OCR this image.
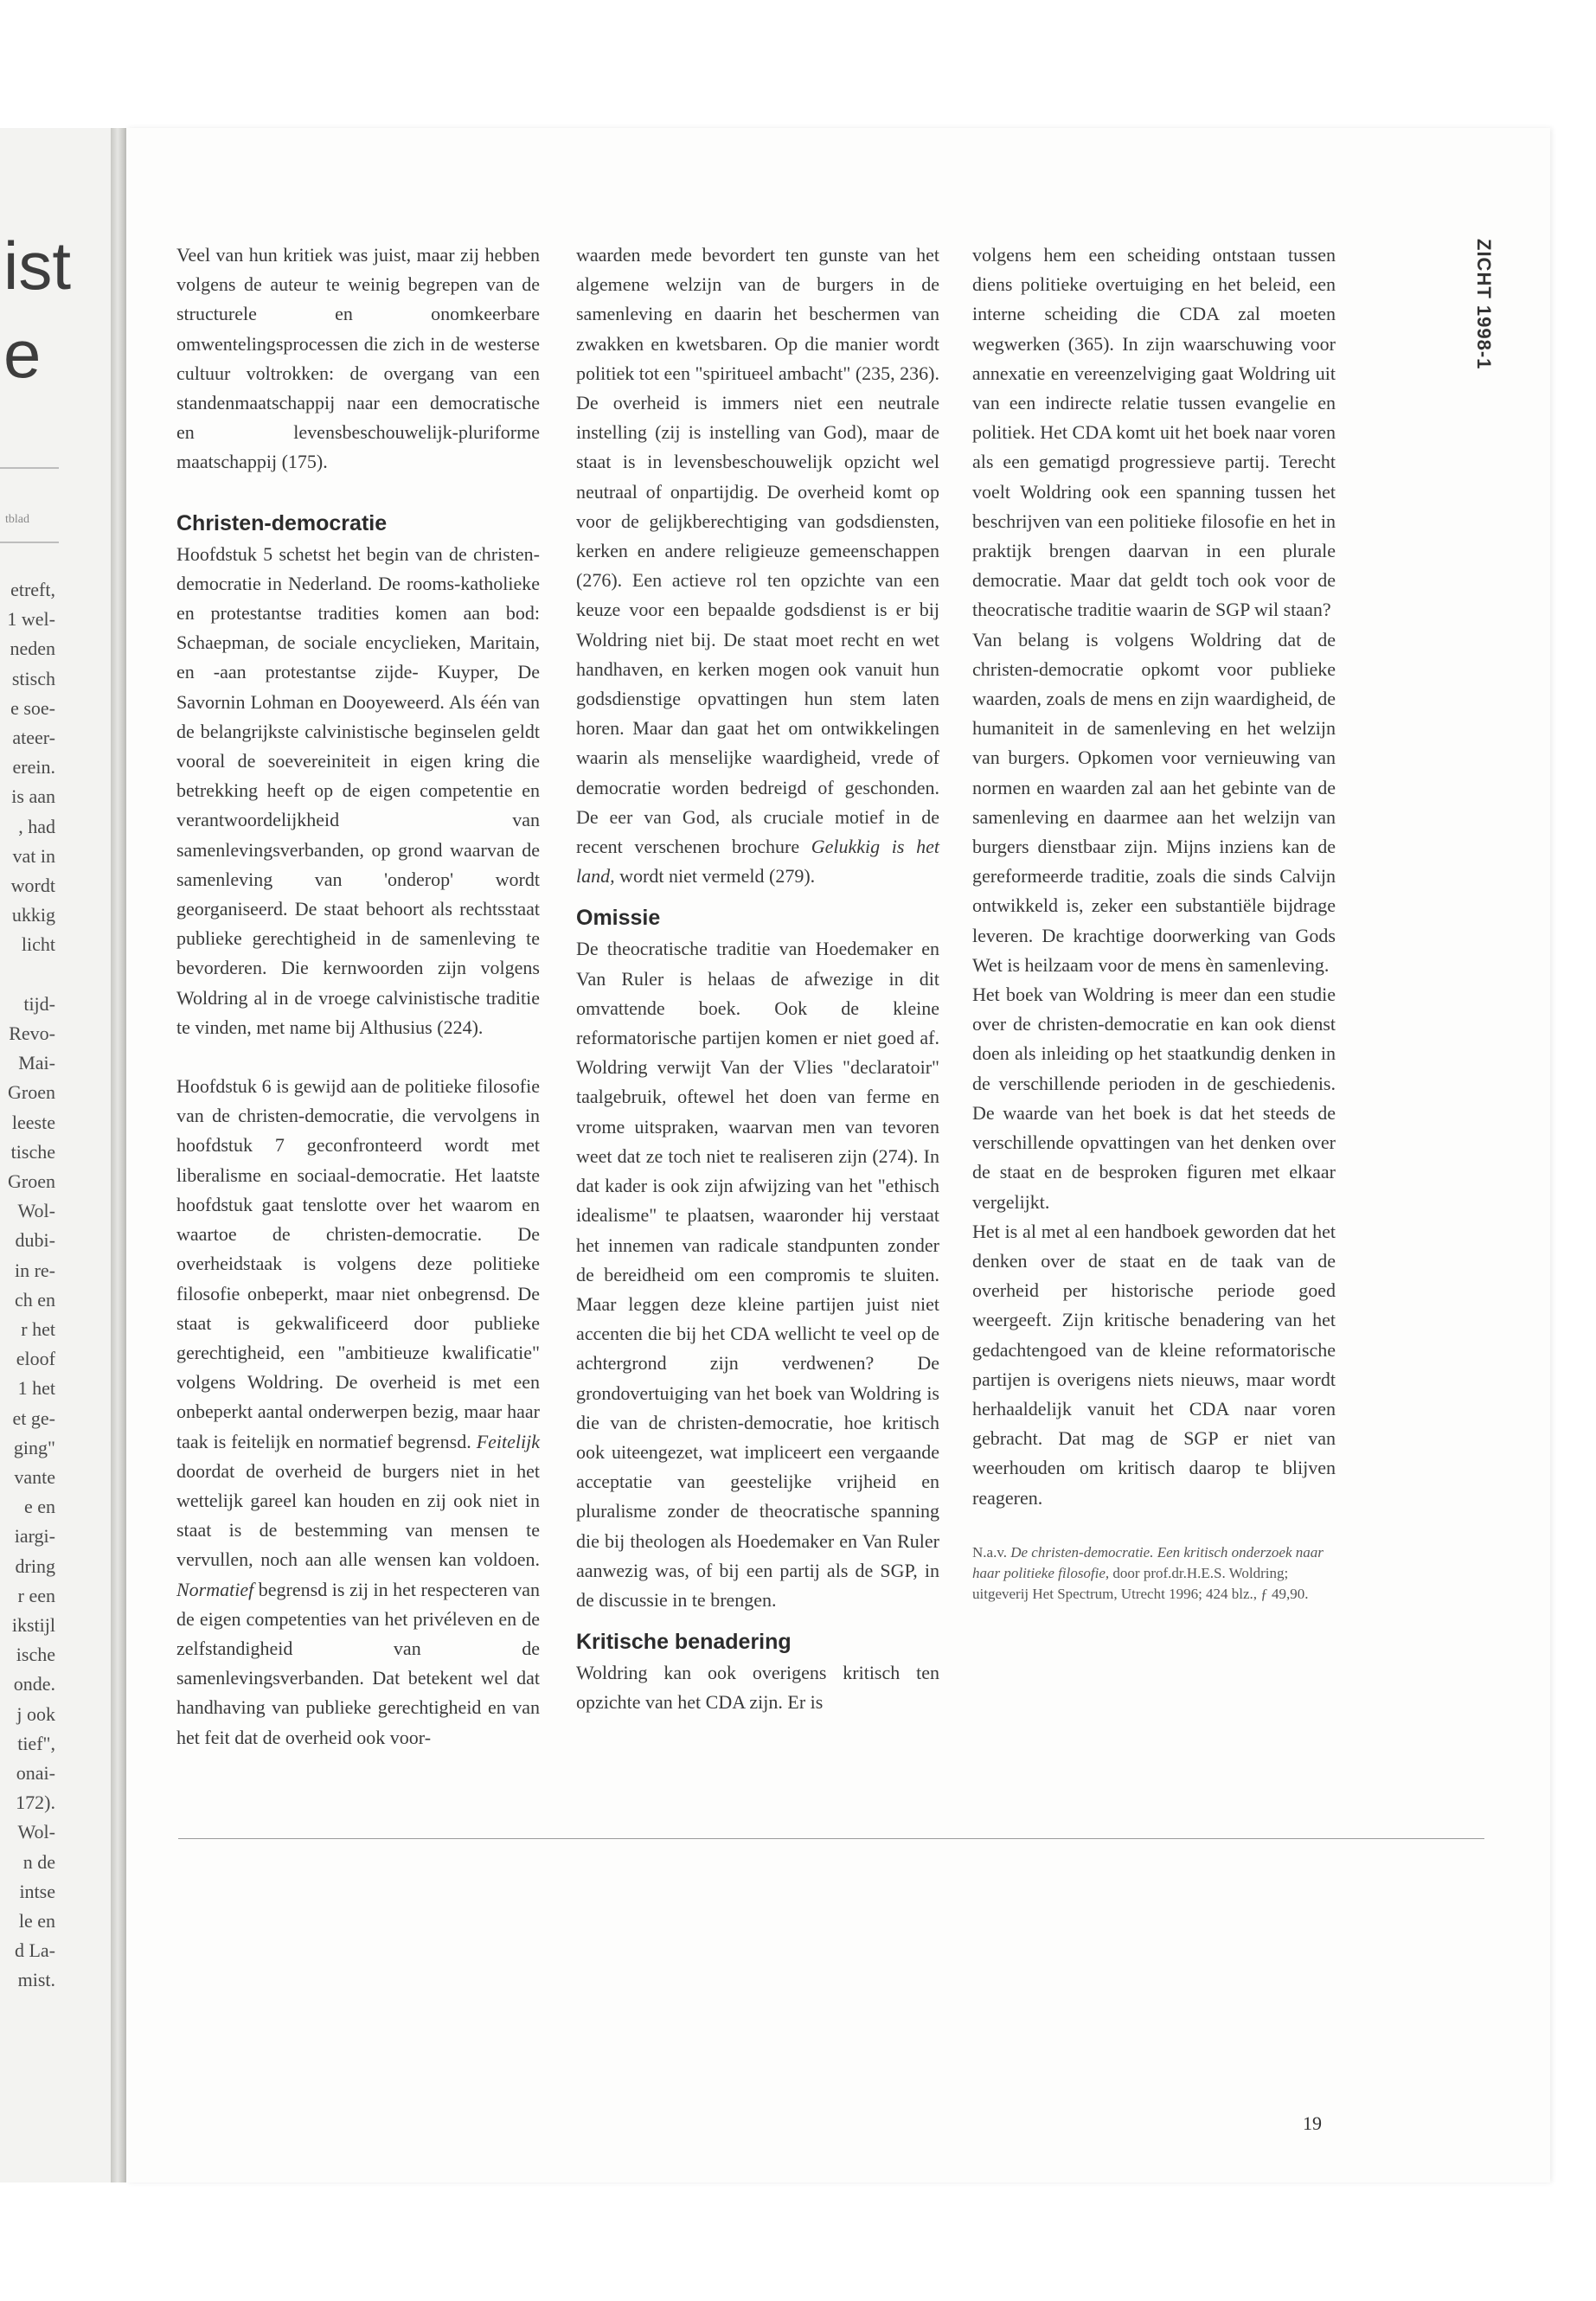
ist
e
tblad
etreft,
1 wel-
neden
stisch
e soe-
ateer-
erein.
is aan
, had
vat in
wordt
ukkig
licht
tijd-
Revo-
Mai-
Groen
leeste
tische
Groen
Wol-
dubi-
in re-
ch en
r het
eloof
1 het
et ge-
ging"
vante
e en
iargi-
dring
r een
ikstijl
ische
onde.
j ook
tief",
onai-
172).
Wol-
n de
intse
le en
d La-
mist.
ZICHT 1998-1

Veel van hun kritiek was juist, maar zij hebben volgens de auteur te weinig begrepen van de structurele en onomkeerbare omwentelingsprocessen die zich in de westerse cultuur voltrokken: de overgang van een standenmaatschappij naar een democratische en levensbeschouwelijk-pluriforme maatschappij (175).

Christen-democratie

Hoofdstuk 5 schetst het begin van de christen-democratie in Nederland. De rooms-katholieke en protestantse tradities komen aan bod: Schaepman, de sociale encyclieken, Maritain, en -aan protestantse zijde- Kuyper, De Savornin Lohman en Dooyeweerd. Als één van de belangrijkste calvinistische beginselen geldt vooral de soevereiniteit in eigen kring die betrekking heeft op de eigen competentie en verantwoordelijkheid van samenlevingsverbanden, op grond waarvan de samenleving van 'onderop' wordt georganiseerd. De staat behoort als rechtsstaat publieke gerechtigheid in de samenleving te bevorderen. Die kernwoorden zijn volgens Woldring al in de vroege calvinistische traditie te vinden, met name bij Althusius (224).

Hoofdstuk 6 is gewijd aan de politieke filosofie van de christen-democratie, die vervolgens in hoofdstuk 7 geconfronteerd wordt met liberalisme en sociaal-democratie. Het laatste hoofdstuk gaat tenslotte over het waarom en waartoe de christen-democratie. De overheidstaak is volgens deze politieke filosofie onbeperkt, maar niet onbegrensd. De staat is gekwalificeerd door publieke gerechtigheid, een "ambitieuze kwalificatie" volgens Woldring. De overheid is met een onbeperkt aantal onderwerpen bezig, maar haar taak is feitelijk en normatief begrensd. Feitelijk doordat de overheid de burgers niet in het wettelijk gareel kan houden en zij ook niet in staat is de bestemming van mensen te vervullen, noch aan alle wensen kan voldoen. Normatief begrensd is zij in het respecteren van de eigen competenties van het privéleven en de zelfstandigheid van de samenlevingsverbanden. Dat betekent wel dat handhaving van publieke gerechtigheid en van het feit dat de overheid ook voor-

waarden mede bevordert ten gunste van het algemene welzijn van de burgers in de samenleving en daarin het beschermen van zwakken en kwetsbaren. Op die manier wordt politiek tot een "spiritueel ambacht" (235, 236). De overheid is immers niet een neutrale instelling (zij is instelling van God), maar de staat is in levensbeschouwelijk opzicht wel neutraal of onpartijdig. De overheid komt op voor de gelijkberechtiging van godsdiensten, kerken en andere religieuze gemeenschappen (276). Een actieve rol ten opzichte van een keuze voor een bepaalde godsdienst is er bij Woldring niet bij. De staat moet recht en wet handhaven, en kerken mogen ook vanuit hun godsdienstige opvattingen hun stem laten horen. Maar dan gaat het om ontwikkelingen waarin als menselijke waardigheid, vrede of democratie worden bedreigd of geschonden. De eer van God, als cruciale motief in de recent verschenen brochure Gelukkig is het land, wordt niet vermeld (279).

Omissie

De theocratische traditie van Hoedemaker en Van Ruler is helaas de afwezige in dit omvattende boek. Ook de kleine reformatorische partijen komen er niet goed af. Woldring verwijt Van der Vlies "declaratoir" taalgebruik, oftewel het doen van ferme en vrome uitspraken, waarvan men van tevoren weet dat ze toch niet te realiseren zijn (274). In dat kader is ook zijn afwijzing van het "ethisch idealisme" te plaatsen, waaronder hij verstaat het innemen van radicale standpunten zonder de bereidheid om een compromis te sluiten. Maar leggen deze kleine partijen juist niet accenten die bij het CDA wellicht te veel op de achtergrond zijn verdwenen? De grondovertuiging van het boek van Woldring is die van de christen-democratie, hoe kritisch ook uiteengezet, wat impliceert een vergaande acceptatie van geestelijke vrijheid en pluralisme zonder de theocratische spanning die bij theologen als Hoedemaker en Van Ruler aanwezig was, of bij een partij als de SGP, in de discussie in te brengen.

Kritische benadering

Woldring kan ook overigens kritisch ten opzichte van het CDA zijn. Er is

volgens hem een scheiding ontstaan tussen diens politieke overtuiging en het beleid, een interne scheiding die CDA zal moeten wegwerken (365). In zijn waarschuwing voor annexatie en vereenzelviging gaat Woldring uit van een indirecte relatie tussen evangelie en politiek. Het CDA komt uit het boek naar voren als een gematigd progressieve partij. Terecht voelt Woldring ook een spanning tussen het beschrijven van een politieke filosofie en het in praktijk brengen daarvan in een plurale democratie. Maar dat geldt toch ook voor de theocratische traditie waarin de SGP wil staan?

Van belang is volgens Woldring dat de christen-democratie opkomt voor publieke waarden, zoals de mens en zijn waardigheid, de humaniteit in de samenleving en het welzijn van burgers. Opkomen voor vernieuwing van normen en waarden zal aan het gebinte van de samenleving en daarmee aan het welzijn van burgers dienstbaar zijn. Mijns inziens kan de gereformeerde traditie, zoals die sinds Calvijn ontwikkeld is, zeker een substantiële bijdrage leveren. De krachtige doorwerking van Gods Wet is heilzaam voor de mens èn samenleving.

Het boek van Woldring is meer dan een studie over de christen-democratie en kan ook dienst doen als inleiding op het staatkundig denken in de verschillende perioden in de geschiedenis. De waarde van het boek is dat het steeds de verschillende opvattingen van het denken over de staat en de besproken figuren met elkaar vergelijkt.

Het is al met al een handboek geworden dat het denken over de staat en de taak van de overheid per historische periode goed weergeeft. Zijn kritische benadering van het gedachtengoed van de kleine reformatorische partijen is overigens niets nieuws, maar wordt herhaaldelijk vanuit het CDA naar voren gebracht. Dat mag de SGP er niet van weerhouden om kritisch daarop te blijven reageren.

N.a.v. De christen-democratie. Een kritisch onderzoek naar haar politieke filosofie, door prof.dr.H.E.S. Woldring; uitgeverij Het Spectrum, Utrecht 1996; 424 blz., ƒ 49,90.

19
